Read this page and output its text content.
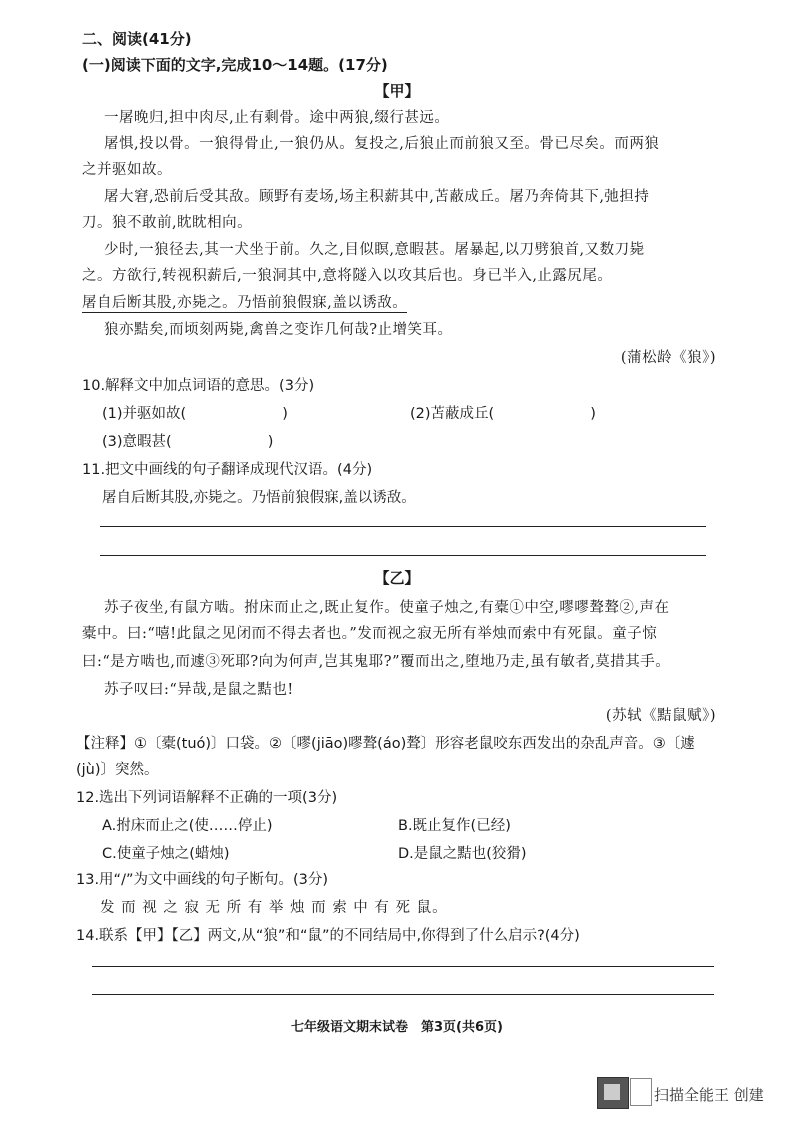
二、阅读(41分)
(一)阅读下面的文字,完成10～14题。(17分)
【甲】
一屠晚归,担中肉尽,止有剩骨。途中两狼,缀行甚远。
屠惧,投以骨。一狼得骨止,一狼仍从。复投之,后狼止而前狼又至。骨已尽矣。而两狼
之并驱如故。
屠大窘,恐前后受其敌。顾野有麦场,场主积薪其中,苫蔽成丘。屠乃奔倚其下,弛担持
刀。狼不敢前,眈眈相向。
少时,一狼径去,其一犬坐于前。久之,目似瞑,意暇甚。屠暴起,以刀劈狼首,又数刀毙
之。方欲行,转视积薪后,一狼洞其中,意将隧入以攻其后也。身已半入,止露尻尾。
屠自后断其股,亦毙之。乃悟前狼假寐,盖以诱敌。
狼亦黠矣,而顷刻两毙,禽兽之变诈几何哉?止增笑耳。
(蒲松龄《狼》)
10.解释文中加点词语的意思。(3分)
(1)并驱如故(	)	(2)苫蔽成丘(	)
(3)意暇甚(	)
11.把文中画线的句子翻译成现代汉语。(4分)
屠自后断其股,亦毙之。乃悟前狼假寐,盖以诱敌。
【乙】
苏子夜坐,有鼠方啮。拊床而止之,既止复作。使童子烛之,有橐①中空,嘐嘐聱聱②,声在
橐中。曰:“嘻!此鼠之见闭而不得去者也。”发而视之寂无所有举烛而索中有死鼠。童子惊
曰:“是方啮也,而遽③死耶?向为何声,岂其鬼耶?”覆而出之,堕地乃走,虽有敏者,莫措其手。
苏子叹曰:“异哉,是鼠之黠也!
(苏轼《黠鼠赋》)
【注释】①〔橐(tuó)〕口袋。②〔嘐(jiāo)嘐聱(áo)聱〕形容老鼠咬东西发出的杂乱声音。③〔遽
(jù)〕突然。
12.选出下列词语解释不正确的一项(3分)
A.拊床而止之(使……停止)	B.既止复作(已经)
C.使童子烛之(蜡烛)	D.是鼠之黠也(狡猾)
13.用“/”为文中画线的句子断句。(3分)
发 而 视 之 寂 无 所 有 举 烛 而 索 中 有 死 鼠。
14.联系【甲】【乙】两文,从“狼”和“鼠”的不同结局中,你得到了什么启示?(4分)
七年级语文期末试卷　第3页(共6页)
扫描全能王 创建
